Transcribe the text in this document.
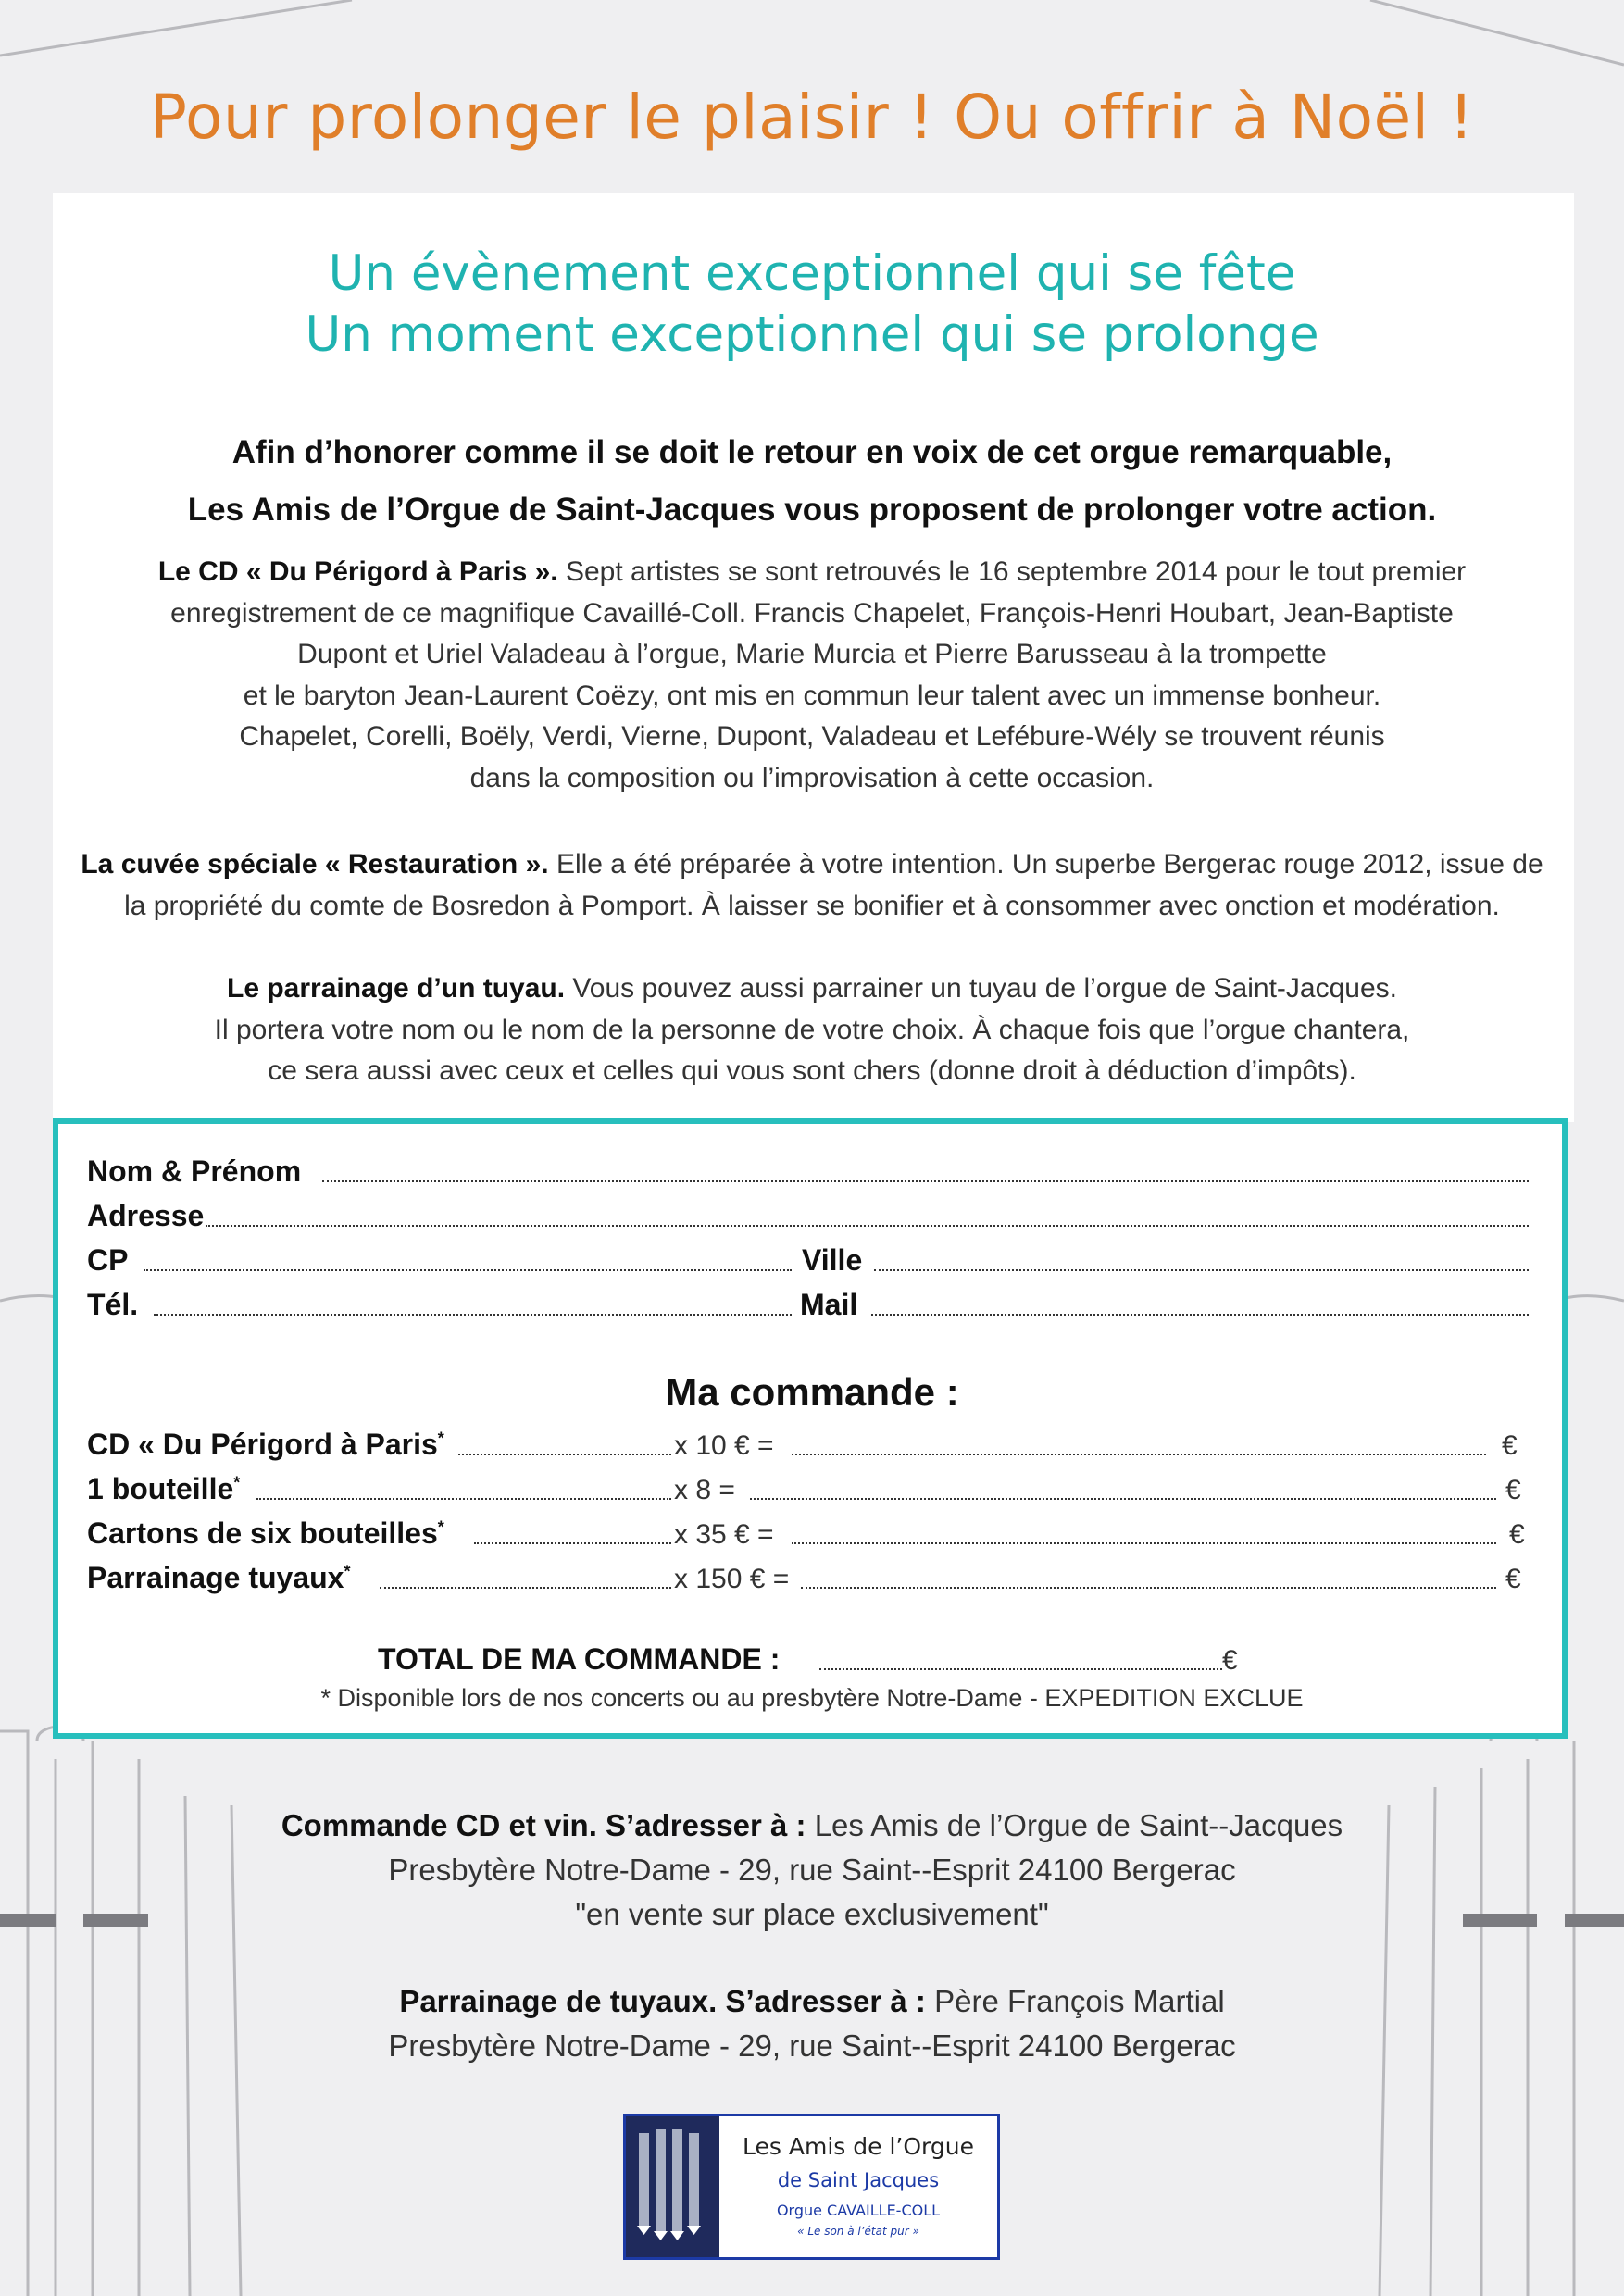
Pour prolonger le plaisir ! Ou offrir à Noël !
Un évènement exceptionnel qui se fête
Un moment exceptionnel qui se prolonge
Afin d’honorer comme il se doit le retour en voix de cet orgue remarquable,
Les Amis de l’Orgue de Saint-Jacques vous proposent de prolonger votre action.
Le CD « Du Périgord à Paris ». Sept artistes se sont retrouvés le 16 septembre 2014 pour le tout premier
enregistrement de ce magnifique Cavaillé-Coll. Francis Chapelet, François-Henri Houbart, Jean-Baptiste
Dupont et Uriel Valadeau à l’orgue, Marie Murcia et Pierre Barusseau à la trompette
et le baryton Jean-Laurent Coëzy, ont mis en commun leur talent avec un immense bonheur.
Chapelet, Corelli, Boëly, Verdi, Vierne, Dupont, Valadeau et Lefébure-Wély se trouvent réunis
dans la composition ou l’improvisation à cette occasion.
La cuvée spéciale « Restauration ». Elle a été préparée à votre intention. Un superbe Bergerac rouge 2012, issue de
la propriété du comte de Bosredon à Pomport. À laisser se bonifier et à consommer avec onction et modération.
Le parrainage d’un tuyau. Vous pouvez aussi parrainer un tuyau de l’orgue de Saint-Jacques.
Il portera votre nom ou le nom de la personne de votre choix. À chaque fois que l’orgue chantera,
ce sera aussi avec ceux et celles qui vous sont chers (donne droit à déduction d’impôts).
Nom & Prénom
Adresse
CP	Ville
Tél.	Mail
Ma commande :
CD « Du Périgord à Paris*	x 10 € =	€
1 bouteille*	x 8 =	€
Cartons de six bouteilles*	x 35 € =	€
Parrainage tuyaux*	x 150 € =	€
TOTAL DE MA COMMANDE :	€
* Disponible lors de nos concerts ou au presbytère Notre-Dame - EXPEDITION EXCLUE
Commande CD et vin. S’adresser à : Les Amis de l’Orgue de Saint--Jacques
Presbytère Notre-Dame - 29, rue Saint--Esprit 24100 Bergerac
"en vente sur place exclusivement"
Parrainage de tuyaux. S’adresser à : Père François Martial
Presbytère Notre-Dame - 29, rue Saint--Esprit 24100 Bergerac
Les Amis de l’Orgue
de Saint Jacques
Orgue CAVAILLE-COLL
« Le son à l’état pur »
